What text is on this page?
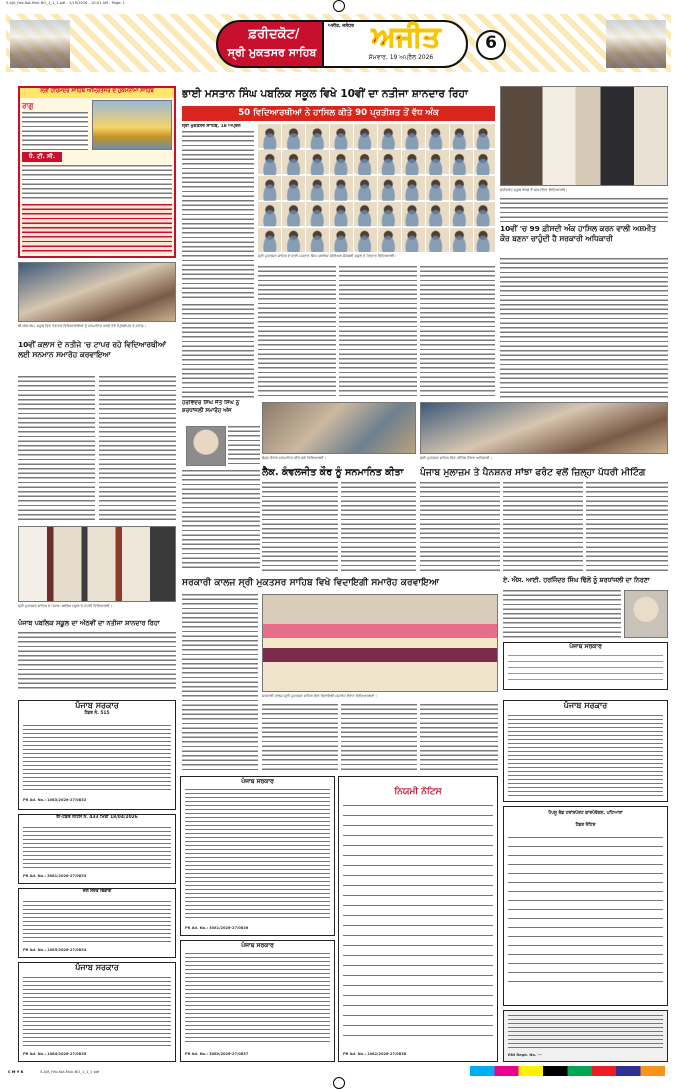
5-Ajit_Feb-Kot-Muk-NO_1_1_1.pdf - 1/19/2026 - 10:01 AM - Page: 1
ਫ਼ਰੀਦਕੋਟ/
ਸ੍ਰੀ ਮੁਕਤਸਰ ਸਾਹਿਬ
ਅਜੀਤ, ਜਲੰਧਰ ਅਜੀਤ
ਸੋਮਵਾਰ, 19 ਅਪ੍ਰੈਲ 2026
6
ਸ੍ਰੀ ਹਰਿਮੰਦਰ ਸਾਹਿਬ ਅੰਮ੍ਰਿਤਸਰ ਦੇ ਹੁਕਮਨਾਮਾ ਸਾਹਿਬ
ਰਾਗੁ
ਧੰ. ਟੀ. ਸੀ.
ਭਾਈ ਮਸਤਾਨ ਸਿੰਘ ਪਬਲਿਕ ਸਕੂਲ ਵਿਖੇ 10ਵੀਂ ਦਾ ਨਤੀਜਾ ਸ਼ਾਨਦਾਰ ਰਿਹਾ
50 ਵਿਦਿਆਰਥੀਆਂ ਨੇ ਹਾਸਿਲ ਕੀਤੇ 90 ਪ੍ਰਤੀਸ਼ਤ ਤੋਂ ਵੱਧ ਅੰਕ
ਸ੍ਰੀ ਮੁਕਤਸਰ ਸਾਹਿਬ, 18 ਅਪ੍ਰੈਲ
ਸ੍ਰੀ ਮੁਕਤਸਰ ਸਾਹਿਬ ਦੇ ਭਾਈ ਮਸਤਾਨ ਸਿੰਘ ਪਬਲਿਕ ਸੀਨੀਅਰ ਸੈਕੰਡਰੀ ਸਕੂਲ ਦੇ ਹੋਣਹਾਰ ਵਿਦਿਆਰਥੀ।
ਫ਼ਰੀਦਕੋਟ ਸਕੂਲ ਬੋਰਡ ਤੋਂ ਸਨਮਾਨਿਤ ਵਿਦਿਆਰਥੀ।
10ਵੀਂ 'ਚ 99 ਫ਼ੀਸਦੀ ਅੰਕ ਹਾਸਿਲ ਕਰਨ ਵਾਲੀ ਅਸ਼ਮੀਤ ਕੌਰ ਬਣਨਾ ਚਾਹੁੰਦੀ ਹੈ ਸਰਕਾਰੀ ਅਧਿਕਾਰੀ
ਬੀ.ਐਲ.ਐਮ. ਸਕੂਲ ਵਿਖੇ ਹੋਣਹਾਰ ਵਿਦਿਆਰਥੀਆਂ ਨੂੰ ਸਨਮਾਨਿਤ ਕਰਦੇ ਹੋਏ ਪ੍ਰਿੰਸੀਪਲ ਤੇ ਸਟਾਫ਼।
10ਵੀਂ ਕਲਾਸ ਦੇ ਨਤੀਜੇ 'ਚ ਟਾਪਰ ਰਹੇ ਵਿਦਿਆਰਥੀਆਂ ਲਈ ਸਨਮਾਨ ਸਮਾਰੋਹ ਕਰਵਾਇਆ
ਹਰਵਿੰਦਰ ਸਿੰਘ ਜੈਤੋ ਸਿੰਘ ਨੂੰ ਸ਼ਰਧਾਂਜਲੀ ਸਮਾਰੋਹ ਅੱਜ
ਸੈਸ਼ਨ ਦੌਰਾਨ ਸਨਮਾਨਿਤ ਕੀਤੇ ਗਏ ਵਿਦਿਆਰਥੀ।	ਸ੍ਰੀ ਮੁਕਤਸਰ ਸਾਹਿਬ ਵਿਖੇ ਮੀਟਿੰਗ ਦੌਰਾਨ ਅਧਿਕਾਰੀ।
ਲੈਕ. ਕੰਵਲਜੀਤ ਕੌਰ ਨੂੰ ਸਨਮਾਨਿਤ ਕੀਤਾ	ਪੰਜਾਬ ਮੁਲਾਜ਼ਮ ਤੇ ਪੈਨਸ਼ਨਰ ਸਾਂਝਾ ਫਰੰਟ ਵਲੋਂ ਜ਼ਿਲ੍ਹਾ ਪੱਧਰੀ ਮੀਟਿੰਗ
ਸਰਕਾਰੀ ਕਾਲਜ ਸ੍ਰੀ ਮੁਕਤਸਰ ਸਾਹਿਬ ਵਿਖੇ ਵਿਦਾਇਗੀ ਸਮਾਰੋਹ ਕਰਵਾਇਆ
ਸਰਕਾਰੀ ਕਾਲਜ ਸ੍ਰੀ ਮੁਕਤਸਰ ਸਾਹਿਬ ਵਿਖੇ ਵਿਦਾਇਗੀ ਸਮਾਰੋਹ ਦੌਰਾਨ ਵਿਦਿਆਰਥਣਾਂ।
ਏ. ਐਸ. ਆਈ. ਹਰਜਿੰਦਰ ਸਿੰਘ ਢਿੱਲੋਂ ਨੂੰ ਸ਼ਰਧਾਂਜਲੀ ਦਾ ਨਿਰਣਾ
ਪੰਜਾਬ ਸਰਕਾਰ
ਸ੍ਰੀ ਮੁਕਤਸਰ ਸਾਹਿਬ ਦੇ ਪੰਜਾਬ ਪਬਲਿਕ ਸਕੂਲ ਦੇ ਮੋਹਰੀ ਵਿਦਿਆਰਥੀ।
ਪੰਜਾਬ ਪਬਲਿਕ ਸਕੂਲ ਦਾ ਅੱਠਵੀਂ ਦਾ ਨਤੀਜਾ ਸ਼ਾਨਦਾਰ ਰਿਹਾ
ਪੰਜਾਬ ਸਰਕਾਰ
ਟੈਂਡਰ ਨੰ. 515
PR Ad. No.: 1083/2026-27/0832
ਈ-ਟੈਂਡਰ ਨੋਟਿਸ ਨੰ. 433 ਮਿਤੀ 18/04/2026
PR Ad. No.: 3081/2026-27/0833
ਜਲ ਸਰੋਤ ਵਿਭਾਗ
PR Ad. No.: 1085/2026-27/0834
ਪੰਜਾਬ ਸਰਕਾਰ
PR Ad. No.: 1084/2026-27/0835
ਪੰਜਾਬ ਸਰਕਾਰ
PR Ad. No.: 3081/2026-27/0836
ਪੰਜਾਬ ਸਰਕਾਰ
PR Ad. No.: 3080/2026-27/0837
ਨਿਯਮੀ ਨੋਟਿਸ
PR Ad. No.: 1082/2026-27/0838
ਪੰਜਾਬ ਸਰਕਾਰ
ਪੈਪਸੂ ਰੋਡ ਟਰਾਂਸਪੋਰਟ ਕਾਰਪੋਰੇਸ਼ਨ, ਪਟਿਆਲਾ
ਟੈਂਡਰ ਨੋਟਿਸ
RNI Regd. No. ---
C M Y K	5-Ajit_Feb-Kot-Muk-NO_1_1_1 pdf
